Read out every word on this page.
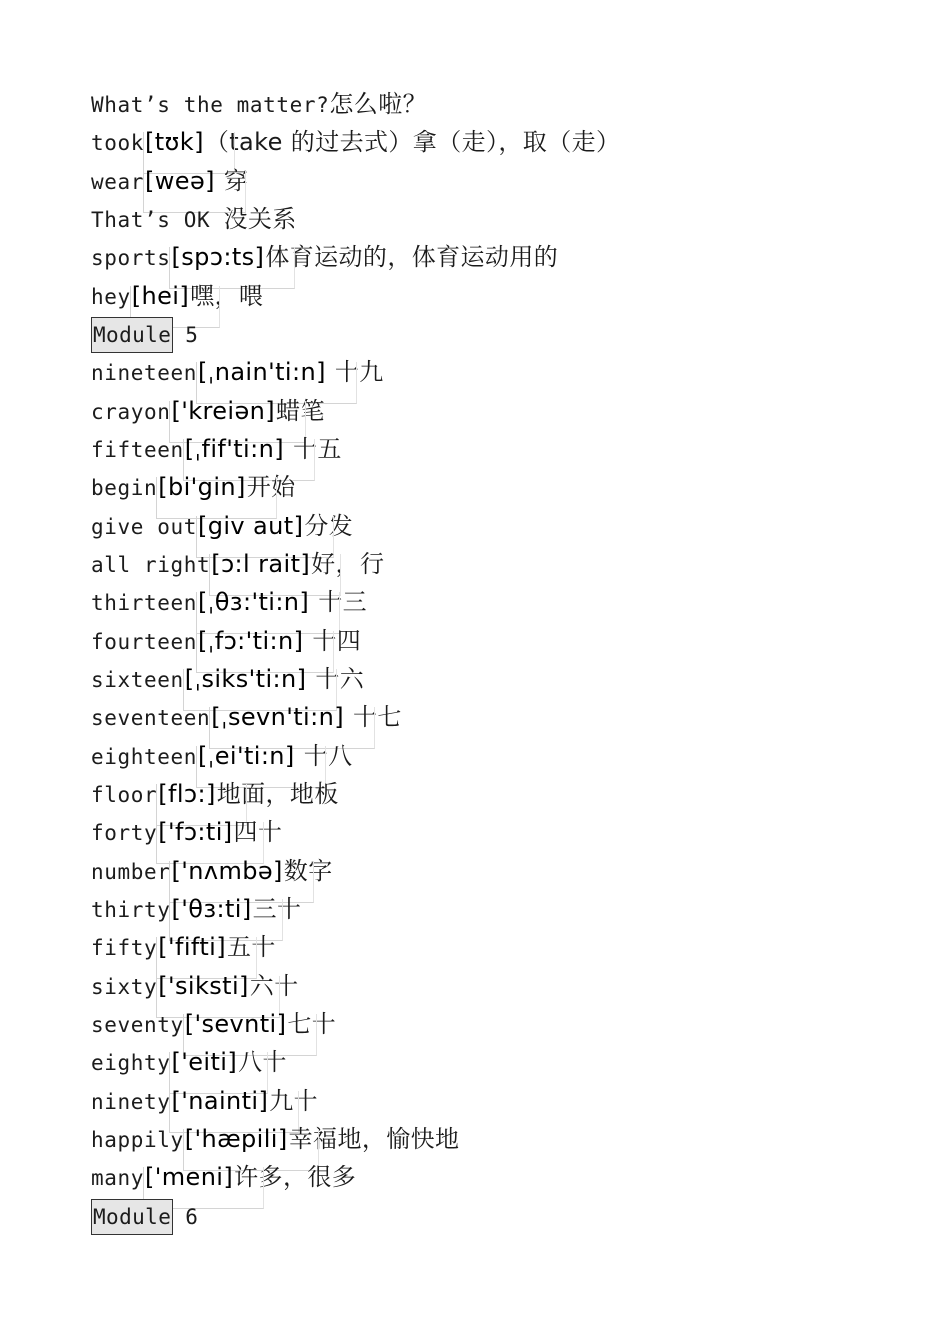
What’s the matter?怎么啦？
took[tʊk]（take 的过去式）拿（走），取（走）
wear[weə] 穿
That’s OK 没关系
sports[spɔ:ts]体育运动的，体育运动用的
hey[hei]嘿，喂
Module 5
nineteen[ˌnain'ti:n] 十九
crayon['kreiən]蜡笔
fifteen[ˌfif'ti:n] 十五
begin[bi'gin]开始
give out[giv aut]分发
all right[ɔ:l rait]好，行
thirteen[ˌθɜ:'ti:n] 十三
fourteen[ˌfɔ:'ti:n] 十四
sixteen[ˌsiks'ti:n] 十六
seventeen[ˌsevn'ti:n] 十七
eighteen[ˌei'ti:n] 十八
floor[flɔ:]地面，地板
forty['fɔ:ti]四十
number['nʌmbə]数字
thirty['θɜ:ti]三十
fifty['fifti]五十
sixty['siksti]六十
seventy['sevnti]七十
eighty['eiti]八十
ninety['nainti]九十
happily['hæpili]幸福地，愉快地
many['meni]许多，很多
Module 6
